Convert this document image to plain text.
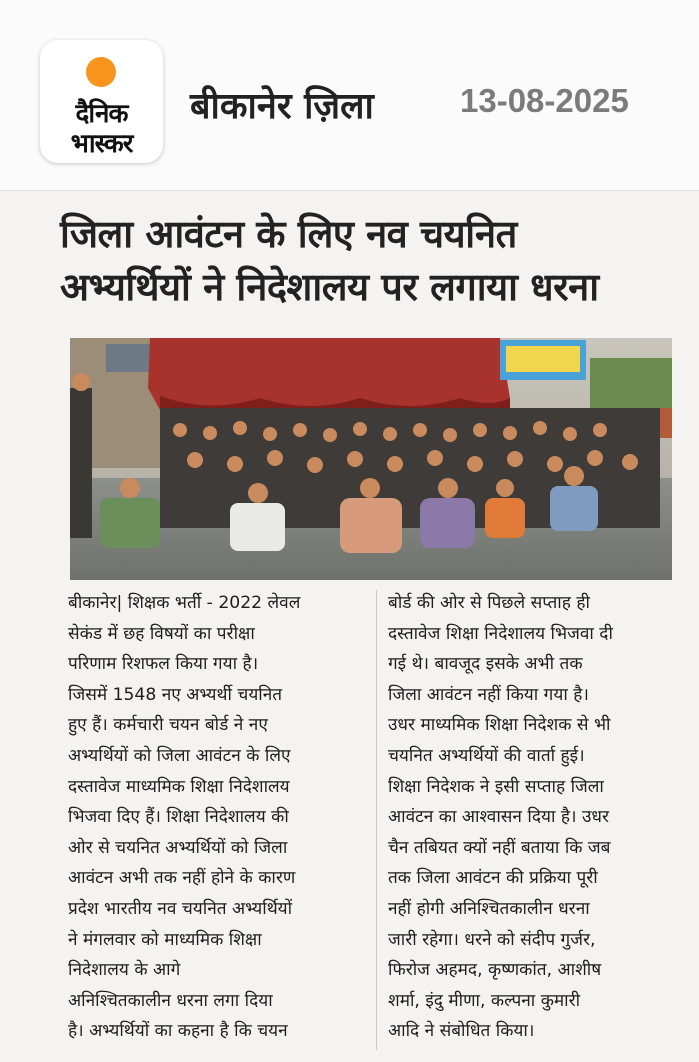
दैनिक
भास्कर
बीकानेर ज़िला	13-08-2025
जिला आवंटन के लिए नव चयनित
अभ्यर्थियों ने निदेशालय पर लगाया धरना
बीकानेर| शिक्षक भर्ती - 2022 लेवल
सेकंड में छह विषयों का परीक्षा
परिणाम रिशफल किया गया है।
जिसमें 1548 नए अभ्यर्थी चयनित
हुए हैं। कर्मचारी चयन बोर्ड ने नए
अभ्यर्थियों को जिला आवंटन के लिए
दस्तावेज माध्यमिक शिक्षा निदेशालय
भिजवा दिए हैं। शिक्षा निदेशालय की
ओर से चयनित अभ्यर्थियों को जिला
आवंटन अभी तक नहीं होने के कारण
प्रदेश भारतीय नव चयनित अभ्यर्थियों
ने मंगलवार को माध्यमिक शिक्षा
निदेशालय के आगे
अनिश्चितकालीन धरना लगा दिया
है। अभ्यर्थियों का कहना है कि चयन
बोर्ड की ओर से पिछले सप्ताह ही
दस्तावेज शिक्षा निदेशालय भिजवा दी
गई थे। बावजूद इसके अभी तक
जिला आवंटन नहीं किया गया है।
उधर माध्यमिक शिक्षा निदेशक से भी
चयनित अभ्यर्थियों की वार्ता हुई।
शिक्षा निदेशक ने इसी सप्ताह जिला
आवंटन का आश्वासन दिया है। उधर
चैन तबियत क्यों नहीं बताया कि जब
तक जिला आवंटन की प्रक्रिया पूरी
नहीं होगी अनिश्चितकालीन धरना
जारी रहेगा। धरने को संदीप गुर्जर,
फिरोज अहमद, कृष्णकांत, आशीष
शर्मा, इंदु मीणा, कल्पना कुमारी
आदि ने संबोधित किया।
